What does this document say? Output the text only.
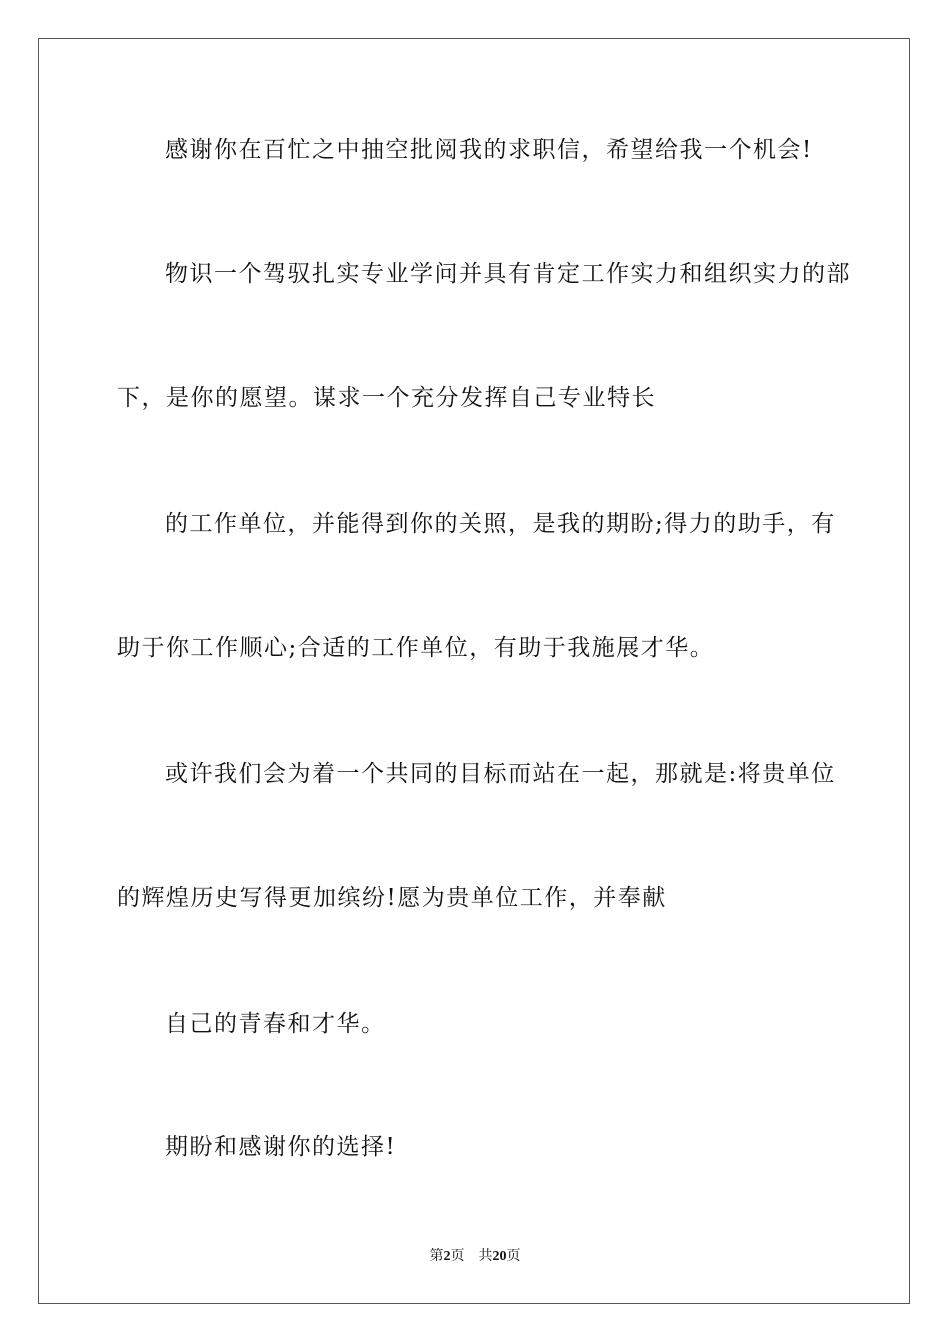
感谢你在百忙之中抽空批阅我的求职信，希望给我一个机会!
物识一个驾驭扎实专业学问并具有肯定工作实力和组织实力的部
下，是你的愿望。谋求一个充分发挥自己专业特长
的工作单位，并能得到你的关照，是我的期盼;得力的助手，有
助于你工作顺心;合适的工作单位，有助于我施展才华。
或许我们会为着一个共同的目标而站在一起，那就是:将贵单位
的辉煌历史写得更加缤纷!愿为贵单位工作，并奉献
自己的青春和才华。
期盼和感谢你的选择!
第2页 共20页
